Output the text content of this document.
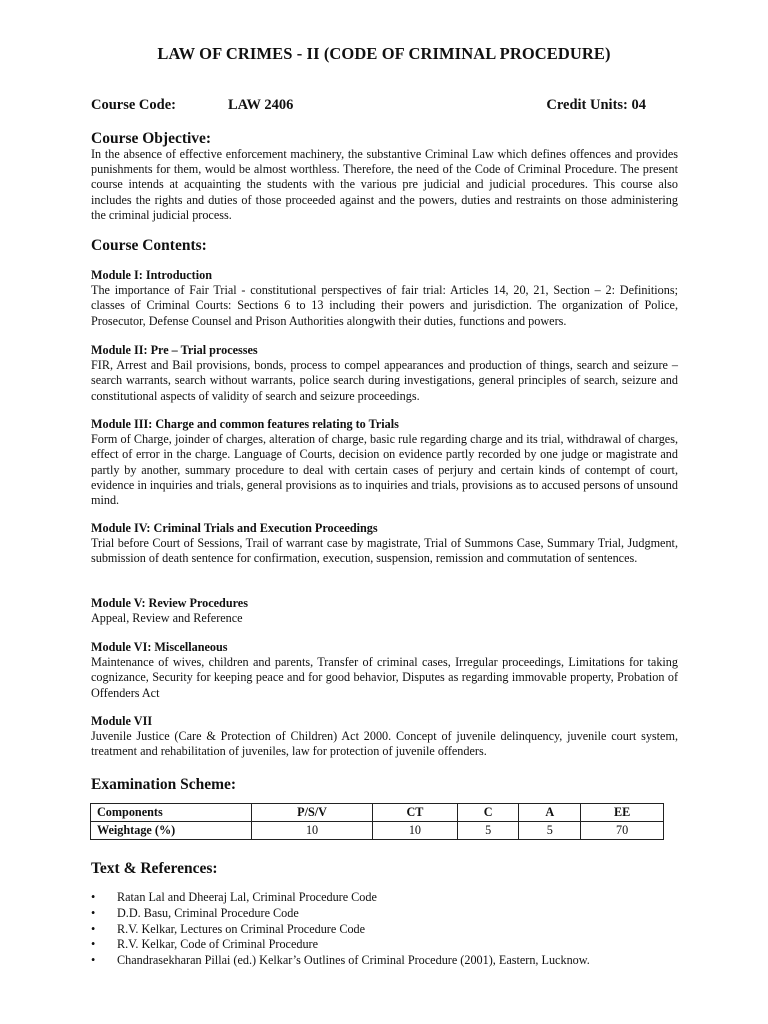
LAW OF CRIMES - II (CODE OF CRIMINAL PROCEDURE)
Course Code:	LAW 2406	Credit Units: 04
Course Objective:
In the absence of effective enforcement machinery, the substantive Criminal Law which defines offences and provides punishments for them, would be almost worthless. Therefore, the need of the Code of Criminal Procedure. The present course intends at acquainting the students with the various pre judicial and judicial procedures. This course also includes the rights and duties of those proceeded against and the powers, duties and restraints on those administering the criminal judicial process.
Course Contents:
Module I: Introduction
The importance of Fair Trial - constitutional perspectives of fair trial: Articles 14, 20, 21, Section – 2: Definitions; classes of Criminal Courts: Sections 6 to 13 including their powers and jurisdiction. The organization of Police, Prosecutor, Defense Counsel and Prison Authorities alongwith their duties, functions and powers.
Module II: Pre – Trial processes
FIR, Arrest and Bail provisions, bonds, process to compel appearances and production of things, search and seizure – search warrants, search without warrants, police search during investigations, general principles of search, seizure and constitutional aspects of validity of search and seizure proceedings.
Module III: Charge and common features relating to Trials
Form of Charge, joinder of charges, alteration of charge, basic rule regarding charge and its trial, withdrawal of charges, effect of error in the charge. Language of Courts, decision on evidence partly recorded by one judge or magistrate and partly by another, summary procedure to deal with certain cases of perjury and certain kinds of contempt of court, evidence in inquiries and trials, general provisions as to inquiries and trials, provisions as to accused persons of unsound mind.
Module IV: Criminal Trials and Execution Proceedings
Trial before Court of Sessions, Trail of warrant case by magistrate, Trial of Summons Case, Summary Trial, Judgment, submission of death sentence for confirmation, execution, suspension, remission and commutation of sentences.
Module V: Review Procedures
Appeal, Review and Reference
Module VI: Miscellaneous
Maintenance of wives, children and parents, Transfer of criminal cases, Irregular proceedings, Limitations for taking cognizance, Security for keeping peace and for good behavior, Disputes as regarding immovable property, Probation of Offenders Act
Module VII
Juvenile Justice (Care & Protection of Children) Act 2000. Concept of juvenile delinquency, juvenile court system, treatment and rehabilitation of juveniles, law for protection of juvenile offenders.
Examination Scheme:
Components	P/S/V	CT	C	A	EE
Weightage (%)	10	10	5	5	70
Text & References:
• Ratan Lal and Dheeraj Lal, Criminal Procedure Code
• D.D. Basu, Criminal Procedure Code
• R.V. Kelkar, Lectures on Criminal Procedure Code
• R.V. Kelkar, Code of Criminal Procedure
• Chandrasekharan Pillai (ed.) Kelkar’s Outlines of Criminal Procedure (2001), Eastern, Lucknow.
